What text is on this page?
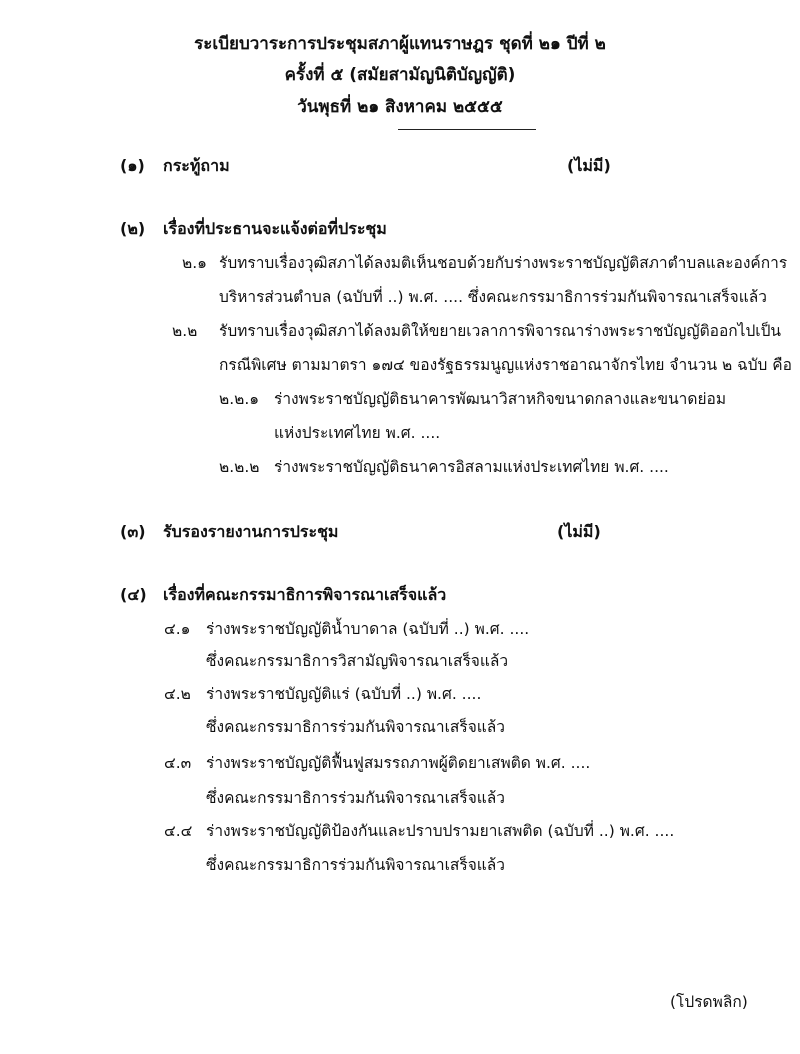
ระเบียบวาระการประชุมสภาผู้แทนราษฎร ชุดที่ ๒๑ ปีที่ ๒
ครั้งที่ ๕ (สมัยสามัญนิติบัญญัติ)
วันพุธที่ ๒๑ สิงหาคม ๒๕๕๕
(๑) กระทู้ถาม	(ไม่มี)
(๒) เรื่องที่ประธานจะแจ้งต่อที่ประชุม
๒.๑ รับทราบเรื่องวุฒิสภาได้ลงมติเห็นชอบด้วยกับร่างพระราชบัญญัติสภาตำบลและองค์การ
บริหารส่วนตำบล (ฉบับที่ ..) พ.ศ. .... ซึ่งคณะกรรมาธิการร่วมกันพิจารณาเสร็จแล้ว
๒.๒ รับทราบเรื่องวุฒิสภาได้ลงมติให้ขยายเวลาการพิจารณาร่างพระราชบัญญัติออกไปเป็น
กรณีพิเศษ ตามมาตรา ๑๗๔ ของรัฐธรรมนูญแห่งราชอาณาจักรไทย จำนวน ๒ ฉบับ คือ
๒.๒.๑ ร่างพระราชบัญญัติธนาคารพัฒนาวิสาหกิจขนาดกลางและขนาดย่อม
แห่งประเทศไทย พ.ศ. ....
๒.๒.๒ ร่างพระราชบัญญัติธนาคารอิสลามแห่งประเทศไทย พ.ศ. ....
(๓) รับรองรายงานการประชุม	(ไม่มี)
(๔) เรื่องที่คณะกรรมาธิการพิจารณาเสร็จแล้ว
๔.๑ ร่างพระราชบัญญัติน้ำบาดาล (ฉบับที่ ..) พ.ศ. ....
ซึ่งคณะกรรมาธิการวิสามัญพิจารณาเสร็จแล้ว
๔.๒ ร่างพระราชบัญญัติแร่ (ฉบับที่ ..) พ.ศ. ....
ซึ่งคณะกรรมาธิการร่วมกันพิจารณาเสร็จแล้ว
๔.๓ ร่างพระราชบัญญัติฟื้นฟูสมรรถภาพผู้ติดยาเสพติด พ.ศ. ....
ซึ่งคณะกรรมาธิการร่วมกันพิจารณาเสร็จแล้ว
๔.๔ ร่างพระราชบัญญัติป้องกันและปราบปรามยาเสพติด (ฉบับที่ ..) พ.ศ. ....
ซึ่งคณะกรรมาธิการร่วมกันพิจารณาเสร็จแล้ว
(โปรดพลิก)
